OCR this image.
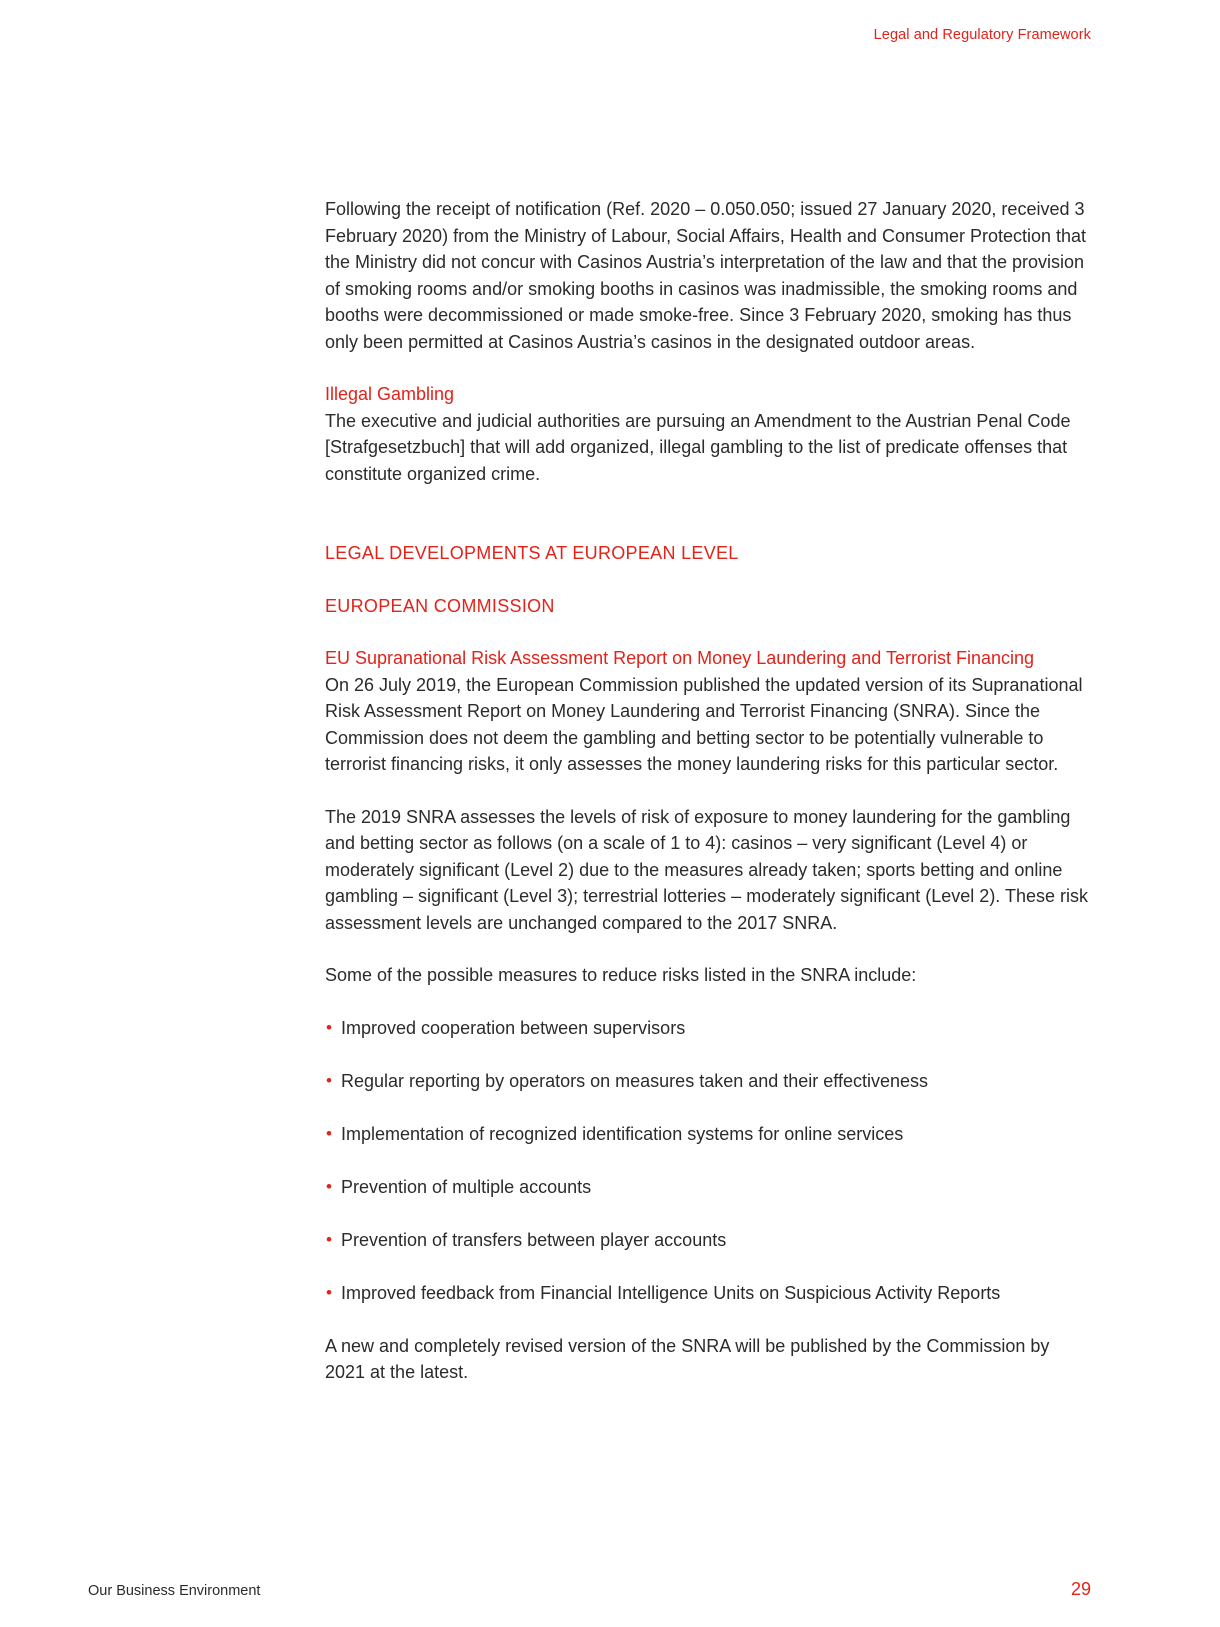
Legal and Regulatory Framework

Following the receipt of notification (Ref. 2020 – 0.050.050; issued 27 January 2020, received 3 February 2020) from the Ministry of Labour, Social Affairs, Health and Consumer Protection that the Ministry did not concur with Casinos Austria’s interpretation of the law and that the provision of smoking rooms and/or smoking booths in casinos was inadmissible, the smoking rooms and booths were decommissioned or made smoke-free. Since 3 February 2020, smoking has thus only been permitted at Casinos Austria’s casinos in the designated outdoor areas.

Illegal Gambling
The executive and judicial authorities are pursuing an Amendment to the Austrian Penal Code [Strafgesetzbuch] that will add organized, illegal gambling to the list of predicate offenses that constitute organized crime.

LEGAL DEVELOPMENTS AT EUROPEAN LEVEL
EUROPEAN COMMISSION

EU Supranational Risk Assessment Report on Money Laundering and Terrorist Financing
On 26 July 2019, the European Commission published the updated version of its Supranational Risk Assessment Report on Money Laundering and Terrorist Financing (SNRA). Since the Commission does not deem the gambling and betting sector to be potentially vulnerable to terrorist financing risks, it only assesses the money laundering risks for this particular sector.

The 2019 SNRA assesses the levels of risk of exposure to money laundering for the gambling and betting sector as follows (on a scale of 1 to 4): casinos – very significant (Level 4) or moderately significant (Level 2) due to the measures already taken; sports betting and online gambling – significant (Level 3); terrestrial lotteries – moderately significant (Level 2). These risk assessment levels are unchanged compared to the 2017 SNRA.

Some of the possible measures to reduce risks listed in the SNRA include:

• Improved cooperation between supervisors
• Regular reporting by operators on measures taken and their effectiveness
• Implementation of recognized identification systems for online services
• Prevention of multiple accounts
• Prevention of transfers between player accounts
• Improved feedback from Financial Intelligence Units on Suspicious Activity Reports

A new and completely revised version of the SNRA will be published by the Commission by 2021 at the latest.

Our Business Environment	29
